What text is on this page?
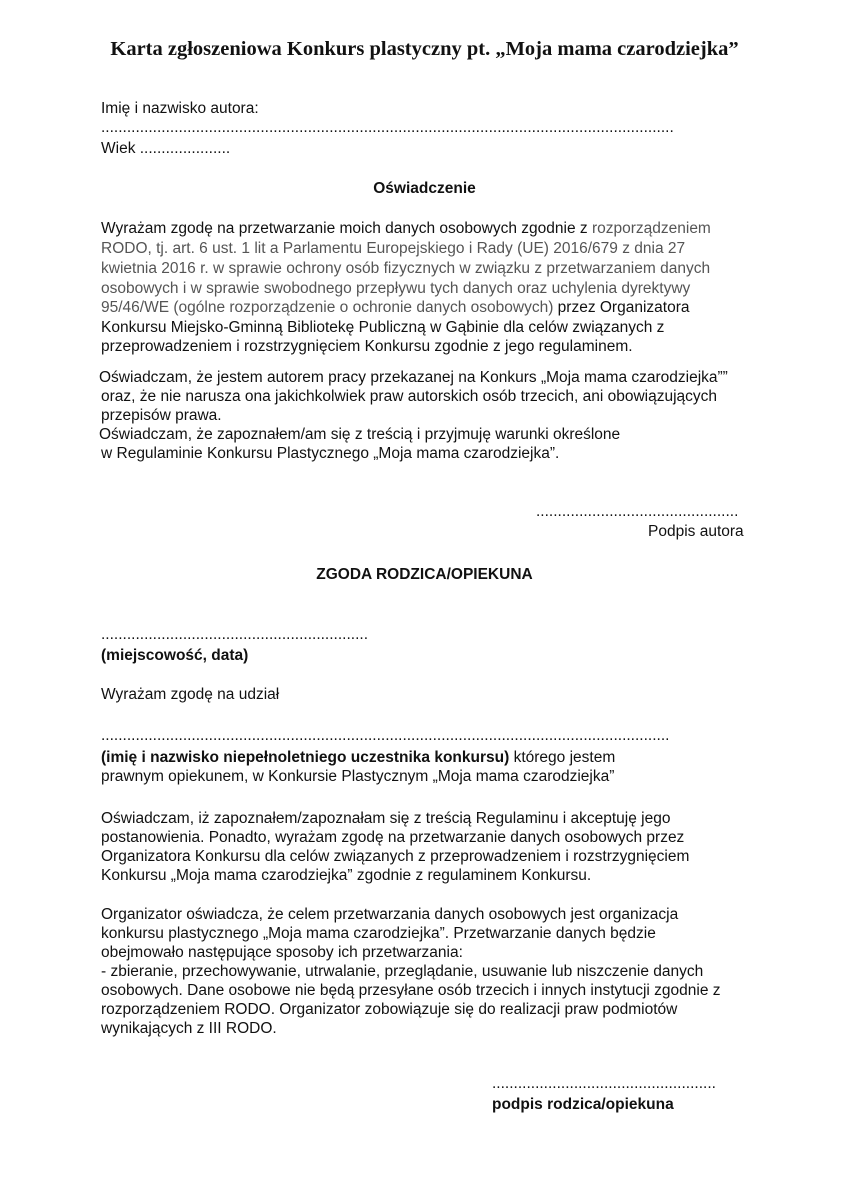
Karta zgłoszeniowa Konkurs plastyczny pt. „Moja mama czarodziejka”
Imię i nazwisko autora:
.....................................................................................................................................
Wiek .....................
Oświadczenie
Wyrażam zgodę na przetwarzanie moich danych osobowych zgodnie z rozporządzeniem
RODO, tj. art. 6 ust. 1 lit a Parlamentu Europejskiego i Rady (UE) 2016/679 z dnia 27
kwietnia 2016 r. w sprawie ochrony osób fizycznych w związku z przetwarzaniem danych
osobowych i w sprawie swobodnego przepływu tych danych oraz uchylenia dyrektywy
95/46/WE (ogólne rozporządzenie o ochronie danych osobowych) przez Organizatora
Konkursu Miejsko-Gminną Bibliotekę Publiczną w Gąbinie dla celów związanych z
przeprowadzeniem i rozstrzygnięciem Konkursu zgodnie z jego regulaminem.
Oświadczam, że jestem autorem pracy przekazanej na Konkurs „Moja mama czarodziejka””
oraz, że nie narusza ona jakichkolwiek praw autorskich osób trzecich, ani obowiązujących
przepisów prawa.
Oświadczam, że zapoznałem/am się z treścią i przyjmuję warunki określone
w Regulaminie Konkursu Plastycznego „Moja mama czarodziejka”.
...............................................
Podpis autora
ZGODA RODZICA/OPIEKUNA
..............................................................
(miejscowość, data)
Wyrażam zgodę na udział
....................................................................................................................................
(imię i nazwisko niepełnoletniego uczestnika konkursu) którego jestem
prawnym opiekunem, w Konkursie Plastycznym „Moja mama czarodziejka”
Oświadczam, iż zapoznałem/zapoznałam się z treścią Regulaminu i akceptuję jego
postanowienia. Ponadto, wyrażam zgodę na przetwarzanie danych osobowych przez
Organizatora Konkursu dla celów związanych z przeprowadzeniem i rozstrzygnięciem
Konkursu „Moja mama czarodziejka” zgodnie z regulaminem Konkursu.
Organizator oświadcza, że celem przetwarzania danych osobowych jest organizacja
konkursu plastycznego „Moja mama czarodziejka”. Przetwarzanie danych będzie
obejmowało następujące sposoby ich przetwarzania:
- zbieranie, przechowywanie, utrwalanie, przeglądanie, usuwanie lub niszczenie danych
osobowych. Dane osobowe nie będą przesyłane osób trzecich i innych instytucji zgodnie z
rozporządzeniem RODO. Organizator zobowiązuje się do realizacji praw podmiotów
wynikających z III RODO.
....................................................
podpis rodzica/opiekuna
